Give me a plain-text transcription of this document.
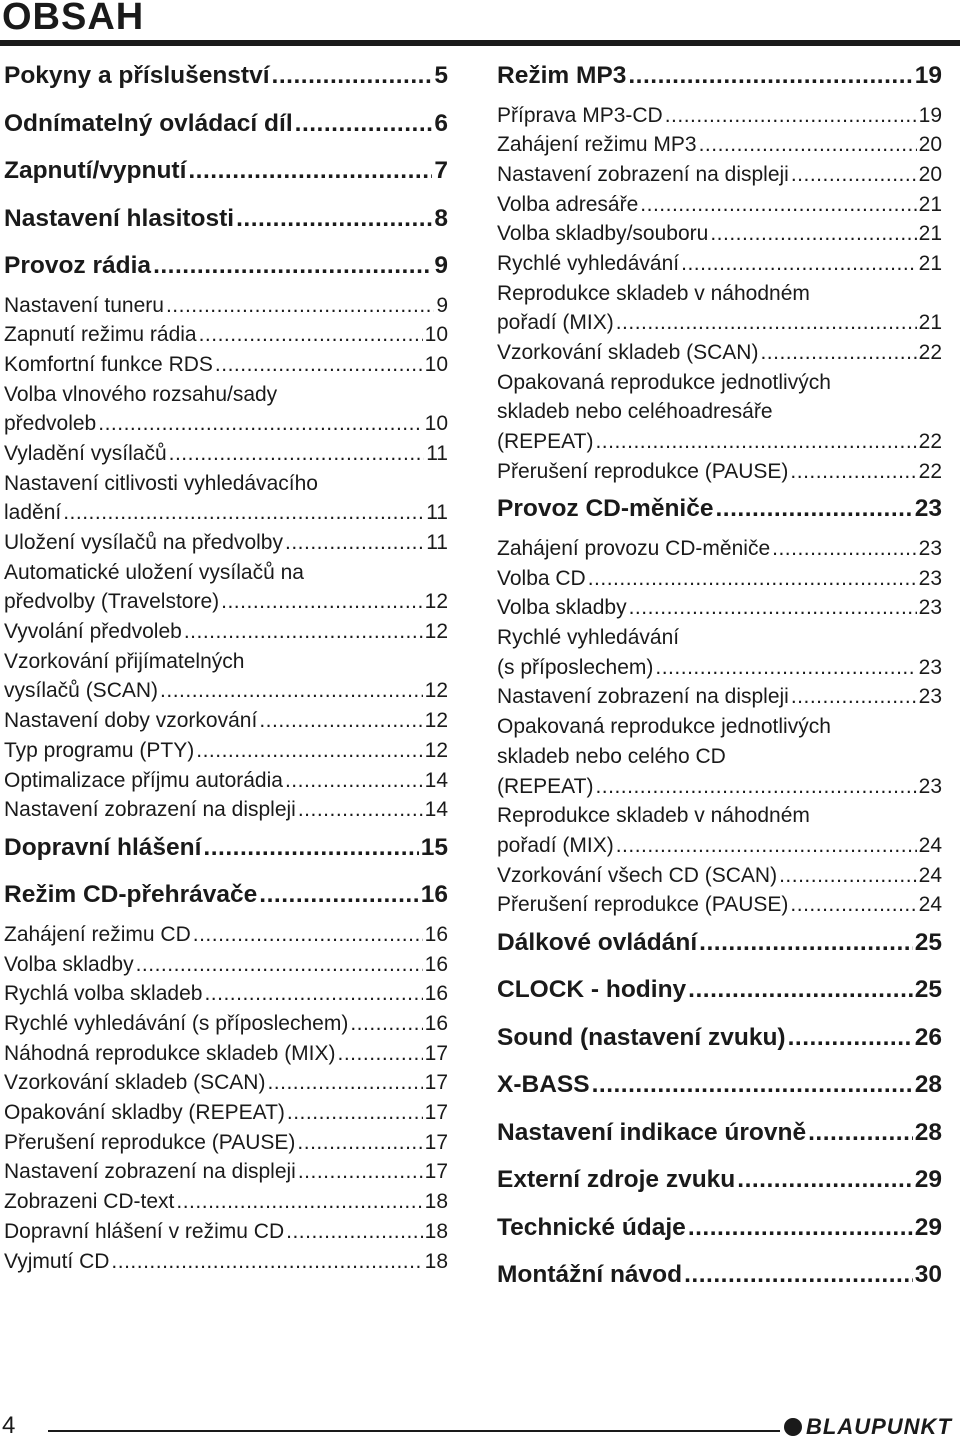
OBSAH
Pokyny a příslušenství .....	5
Odnímatelný ovládací díl .....	6
Zapnutí/vypnutí .....	7
Nastavení hlasitosti .....	8
Provoz rádia .....	9
Nastavení tuneru .....	9
Zapnutí režimu rádia .....	10
Komfortní funkce RDS .....	10
Volba vlnového rozsahu/sady
předvoleb .....	10
Vyladění vysílačů .....	11
Nastavení citlivosti vyhledávacího
ladění .....	11
Uložení vysílačů na předvolby .....	11
Automatické uložení vysílačů na
předvolby (Travelstore) .....	12
Vyvolání předvoleb .....	12
Vzorkování přijímatelných
vysílačů (SCAN) .....	12
Nastavení doby vzorkování .....	12
Typ programu (PTY) .....	12
Optimalizace příjmu autorádia .....	14
Nastavení zobrazení na displeji .....	14
Dopravní hlášení .....	15
Režim CD-přehrávače .....	16
Zahájení režimu CD .....	16
Volba skladby .....	16
Rychlá volba skladeb .....	16
Rychlé vyhledávání (s příposlechem) .....	16
Náhodná reprodukce skladeb (MIX) .....	17
Vzorkování skladeb (SCAN) .....	17
Opakování skladby (REPEAT) .....	17
Přerušení reprodukce (PAUSE) .....	17
Nastavení zobrazení na displeji .....	17
Zobrazeni CD-text .....	18
Dopravní hlášení v režimu CD .....	18
Vyjmutí CD .....	18
Režim MP3 .....	19
Příprava MP3-CD .....	19
Zahájení režimu MP3 .....	20
Nastavení zobrazení na displeji .....	20
Volba adresáře .....	21
Volba skladby/souboru .....	21
Rychlé vyhledávání .....	21
Reprodukce skladeb v náhodném
pořadí (MIX) .....	21
Vzorkování skladeb (SCAN) .....	22
Opakovaná reprodukce jednotlivých
skladeb nebo celéhoadresáře
(REPEAT) .....	22
Přerušení reprodukce (PAUSE) .....	22
Provoz CD-měniče .....	23
Zahájení provozu CD-měniče .....	23
Volba CD .....	23
Volba skladby .....	23
Rychlé vyhledávání
(s příposlechem) .....	23
Nastavení zobrazení na displeji .....	23
Opakovaná reprodukce jednotlivých
skladeb nebo celého CD
(REPEAT) .....	23
Reprodukce skladeb v náhodném
pořadí (MIX) .....	24
Vzorkování všech CD (SCAN) .....	24
Přerušení reprodukce (PAUSE) .....	24
Dálkové ovládání .....	25
CLOCK - hodiny .....	25
Sound (nastavení zvuku) .....	26
X-BASS .....	28
Nastavení indikace úrovně .....	28
Externí zdroje zvuku .....	29
Technické údaje .....	29
Montážní návod .....	30
4	BLAUPUNKT
